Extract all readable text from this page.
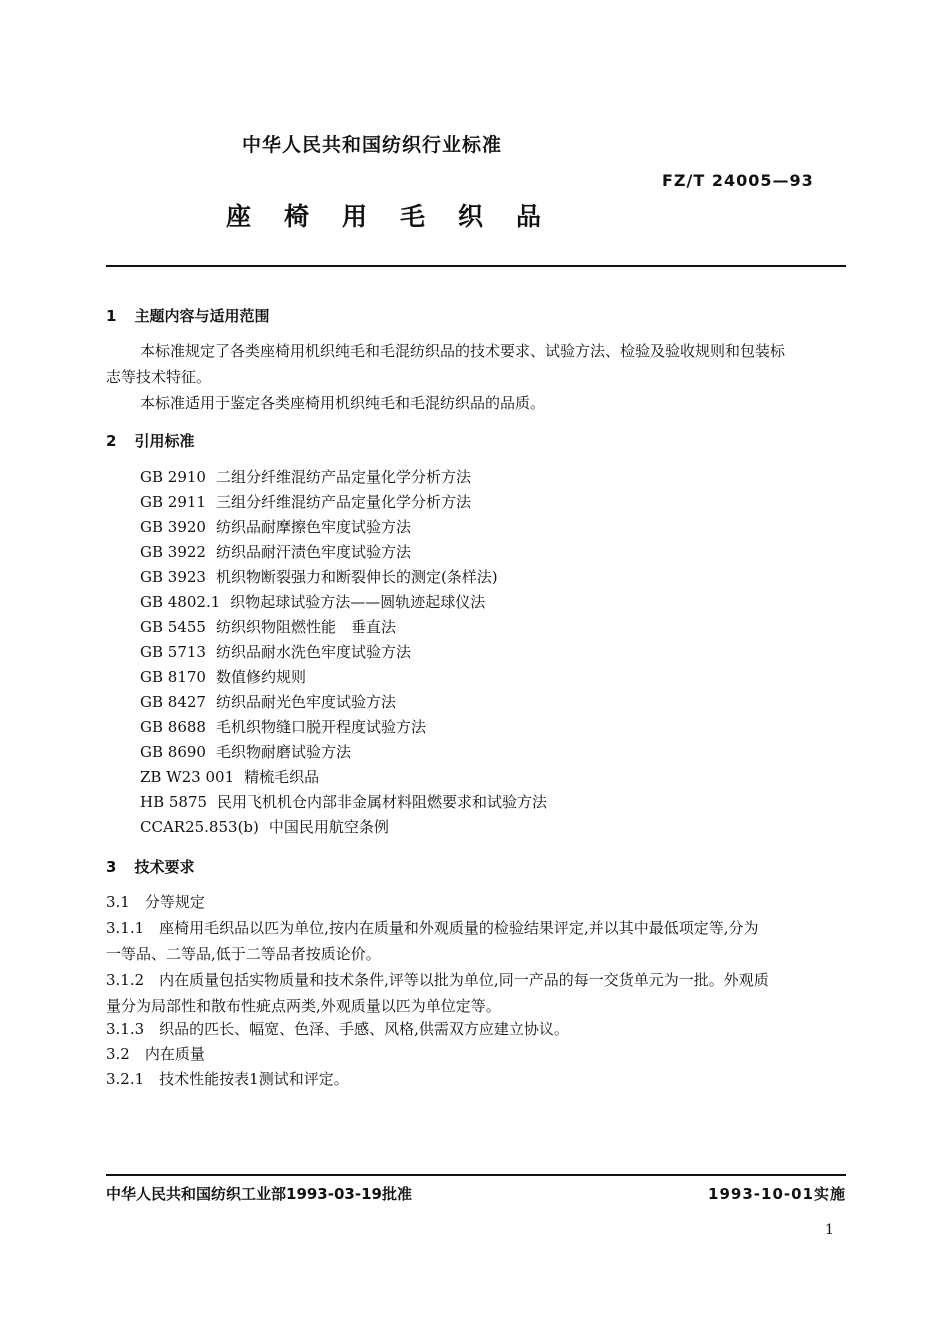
中华人民共和国纺织行业标准
FZ/T 24005—93
座椅用毛织品
1 主题内容与适用范围
本标准规定了各类座椅用机织纯毛和毛混纺织品的技术要求、试验方法、检验及验收规则和包装标
志等技术特征。
本标准适用于鉴定各类座椅用机织纯毛和毛混纺织品的品质。
2 引用标准
GB 2910 二组分纤维混纺产品定量化学分析方法
GB 2911 三组分纤维混纺产品定量化学分析方法
GB 3920 纺织品耐摩擦色牢度试验方法
GB 3922 纺织品耐汗渍色牢度试验方法
GB 3923 机织物断裂强力和断裂伸长的测定(条样法)
GB 4802.1 织物起球试验方法——圆轨迹起球仪法
GB 5455 纺织织物阻燃性能　垂直法
GB 5713 纺织品耐水洗色牢度试验方法
GB 8170 数值修约规则
GB 8427 纺织品耐光色牢度试验方法
GB 8688 毛机织物缝口脱开程度试验方法
GB 8690 毛织物耐磨试验方法
ZB W23 001 精梳毛织品
HB 5875 民用飞机机仓内部非金属材料阻燃要求和试验方法
CCAR25.853(b) 中国民用航空条例
3 技术要求
3.1　分等规定
3.1.1　座椅用毛织品以匹为单位,按内在质量和外观质量的检验结果评定,并以其中最低项定等,分为
一等品、二等品,低于二等品者按质论价。
3.1.2　内在质量包括实物质量和技术条件,评等以批为单位,同一产品的每一交货单元为一批。外观质
量分为局部性和散布性疵点两类,外观质量以匹为单位定等。
3.1.3　织品的匹长、幅宽、色泽、手感、风格,供需双方应建立协议。
3.2　内在质量
3.2.1　技术性能按表1测试和评定。
中华人民共和国纺织工业部1993-03-19批准	1993-10-01实施
1
